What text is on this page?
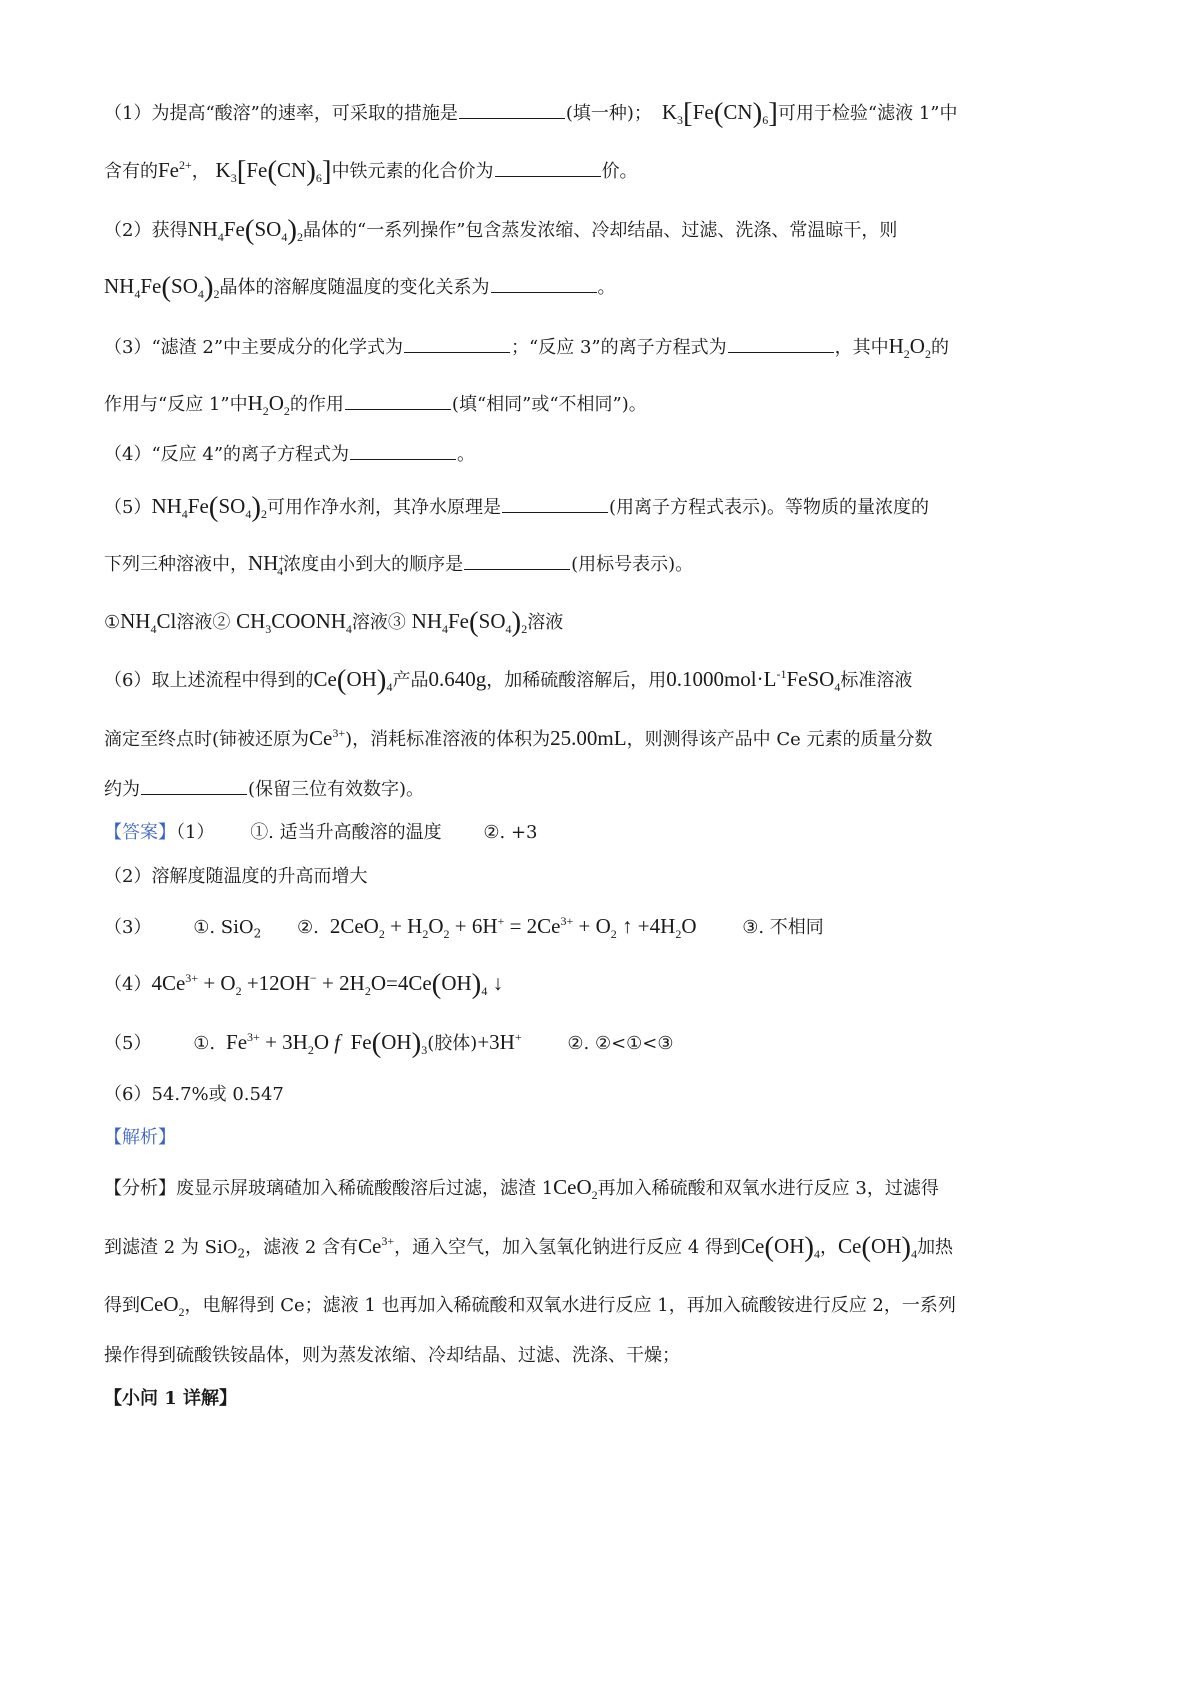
（1）为提高“酸溶”的速率，可采取的措施是	(填一种)；   $K_3[Fe(CN)_6]$可用于检验“滤液 1”中
含有的$Fe^{2+}$， $K_3[Fe(CN)_6]$中铁元素的化合价为	价。
（2）获得$NH_4Fe(SO_4)_2$晶体的“一系列操作”包含蒸发浓缩、冷却结晶、过滤、洗涤、常温晾干，则
$NH_4Fe(SO_4)_2$晶体的溶解度随温度的变化关系为	。
（3）“滤渣 2”中主要成分的化学式为	；“反应 3”的离子方程式为	，其中$H_2O_2$的
作用与“反应 1”中$H_2O_2$的作用	(填“相同”或“不相同”)。
（4）“反应 4”的离子方程式为	。
$(5)NH_4Fe(SO_4)_2$可用作净水剂，其净水原理是	(用离子方程式表示)。等物质的量浓度的
下列三种溶液中，$NH^+_4$浓度由小到大的顺序是	(用标号表示)。
$①NH_4Cl$溶液② $CH_3COONH_4$溶液③ $NH_4Fe(SO_4)_2$溶液
（6）取上述流程中得到的$Ce(OH)_4$产品0.640g，加稀硫酸溶解后，用$0.1000mol\cdot L^{-1}FeSO_4$标准溶液
滴定至终点时(铈被还原为$Ce^{3+}$)，消耗标准溶液的体积为25.00mL，则测得该产品中 Ce 元素的质量分数
约为	(保留三位有效数字)。
【答案】（1） ①. 适当升高酸溶的温度 ②. +3
（2）溶解度随温度的升高而增大
（3） ①. SiO$_2$ ②.  $2CeO_2 + H_2O_2 + 6H^+ = 2Ce^{3+} + O_2$ ↑ $+4H_2O$	③. 不相同
$(4)4Ce^{3+} + O_2 +12OH^- + 2H_2O=4Ce(OH)_4$ ↓
（5） ①.  $Fe^{3+} + 3H_2O$ f  $Fe(OH)_3$(胶体)+3H+	②. ②<①<③
（6）54.7%或 0.547
【解析】
【分析】废显示屏玻璃碴加入稀硫酸酸溶后过滤，滤渣 1CeO$_2$再加入稀硫酸和双氧水进行反应 3，过滤得
到滤渣 2 为 SiO$_2$，滤液 2 含有$Ce^{3+}$，通入空气，加入氢氧化钠进行反应 4 得到$Ce(OH)_4$，$Ce(OH)_4$加热
得到CeO$_2$，电解得到 Ce；滤液 1 也再加入稀硫酸和双氧水进行反应 1，再加入硫酸铵进行反应 2，一系列
操作得到硫酸铁铵晶体，则为蒸发浓缩、冷却结晶、过滤、洗涤、干燥；
【小问 1 详解】
